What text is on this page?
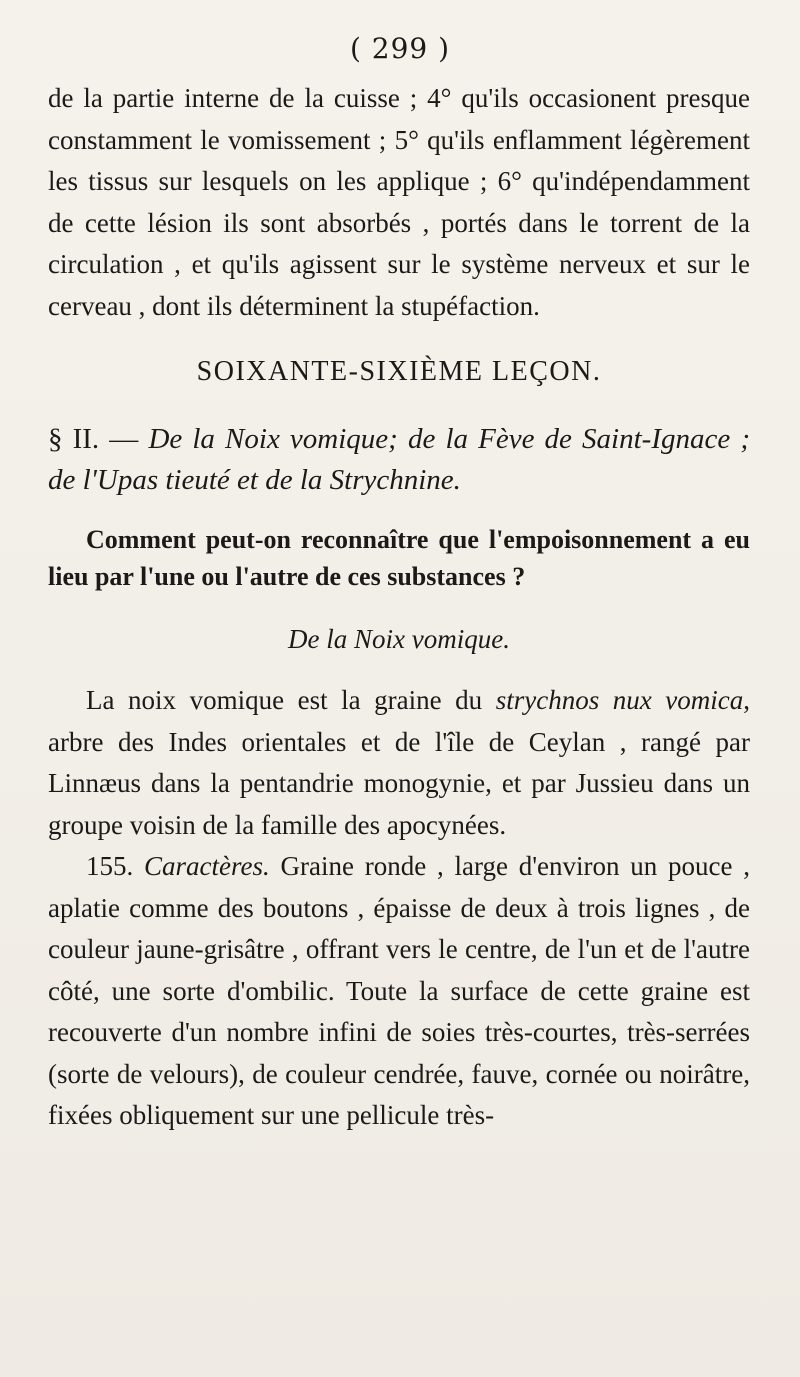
( 299 )

de la partie interne de la cuisse ; 4° qu'ils occasionent presque constamment le vomissement ; 5° qu'ils enflamment légèrement les tissus sur lesquels on les applique ; 6° qu'indépendamment de cette lésion ils sont absorbés , portés dans le torrent de la circulation , et qu'ils agissent sur le système nerveux et sur le cerveau , dont ils déterminent la stupéfaction.

SOIXANTE-SIXIÈME LEÇON.

§ II. — De la Noix vomique; de la Fève de Saint-Ignace ; de l'Upas tieuté et de la Strychnine.

Comment peut-on reconnaître que l'empoisonnement a eu lieu par l'une ou l'autre de ces substances ?

De la Noix vomique.

La noix vomique est la graine du strychnos nux vomica, arbre des Indes orientales et de l'île de Ceylan , rangé par Linnæus dans la pentandrie monogynie, et par Jussieu dans un groupe voisin de la famille des apocynées.

155. Caractères. Graine ronde , large d'environ un pouce , aplatie comme des boutons , épaisse de deux à trois lignes , de couleur jaune-grisâtre , offrant vers le centre, de l'un et de l'autre côté, une sorte d'ombilic. Toute la surface de cette graine est recouverte d'un nombre infini de soies très-courtes, très-serrées (sorte de velours), de couleur cendrée, fauve, cornée ou noirâtre, fixées obliquement sur une pellicule très-
